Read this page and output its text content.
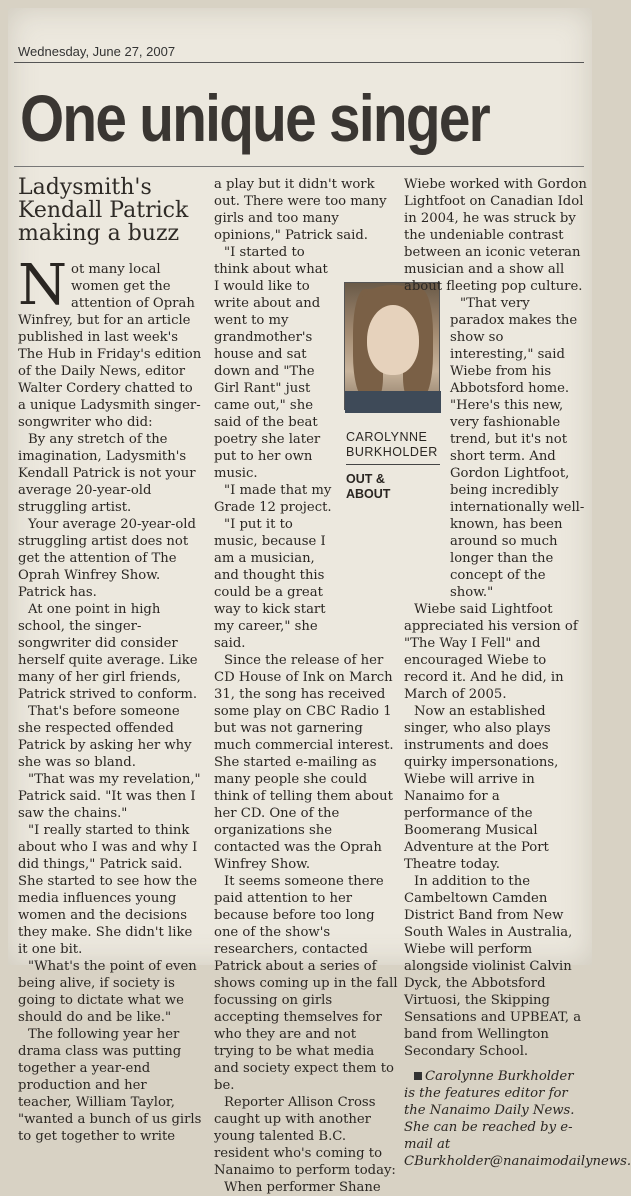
Wednesday, June 27, 2007
One unique singer
Ladysmith's Kendall Patrick making a buzz

Not many local women get the attention of Oprah Winfrey, but for an article published in last week's The Hub in Friday's edition of the Daily News, editor Walter Cordery chatted to a unique Ladysmith singer-songwriter who did:

By any stretch of the imagination, Ladysmith's Kendall Patrick is not your average 20-year-old struggling artist.

Your average 20-year-old struggling artist does not get the attention of The Oprah Winfrey Show. Patrick has.

At one point in high school, the singer-songwriter did consider herself quite average. Like many of her girl friends, Patrick strived to conform.

That's before someone she respected offended Patrick by asking her why she was so bland.

"That was my revelation," Patrick said. "It was then I saw the chains."

"I really started to think about who I was and why I did things," Patrick said. She started to see how the media influences young women and the decisions they make. She didn't like it one bit.

"What's the point of even being alive, if society is going to dictate what we should do and be like."

The following year her drama class was putting together a year-end production and her teacher, William Taylor, "wanted a bunch of us girls to get together to write

a play but it didn't work out. There were too many girls and too many opinions," Patrick said.

"I started to think about what I would like to write about and went to my grandmother's house and sat down and "The Girl Rant" just came out," she said of the beat poetry she later put to her own music.

"I made that my Grade 12 project.

"I put it to music, because I am a musician, and thought this could be a great way to kick start my career," she said.

Since the release of her CD House of Ink on March 31, the song has received some play on CBC Radio 1 but was not garnering much commercial interest. She started e-mailing as many people she could think of telling them about her CD. One of the organizations she contacted was the Oprah Winfrey Show.

It seems someone there paid attention to her because before too long one of the show's researchers, contacted Patrick about a series of shows coming up in the fall focussing on girls accepting themselves for who they are and not trying to be what media and society expect them to be.

Reporter Allison Cross caught up with another young talented B.C. resident who's coming to Nanaimo to perform today:

When performer Shane

CAROLYNNE
BURKHOLDER
OUT &
ABOUT

Wiebe worked with Gordon Lightfoot on Canadian Idol in 2004, he was struck by the undeniable contrast between an iconic veteran musician and a show all about fleeting pop culture.

"That very paradox makes the show so interesting," said Wiebe from his Abbotsford home. "Here's this new, very fashionable trend, but it's not short term. And Gordon Lightfoot, being incredibly internationally well-known, has been around so much longer than the concept of the show."

Wiebe said Lightfoot appreciated his version of "The Way I Fell" and encouraged Wiebe to record it. And he did, in March of 2005.

Now an established singer, who also plays instruments and does quirky impersonations, Wiebe will arrive in Nanaimo for a performance of the Boomerang Musical Adventure at the Port Theatre today.

In addition to the Cambeltown Camden District Band from New South Wales in Australia, Wiebe will perform alongside violinist Calvin Dyck, the Abbotsford Virtuosi, the Skipping Sensations and UPBEAT, a band from Wellington Secondary School.

Carolynne Burkholder is the features editor for the Nanaimo Daily News. She can be reached by e-mail at CBurkholder@nanaimodailynews.
